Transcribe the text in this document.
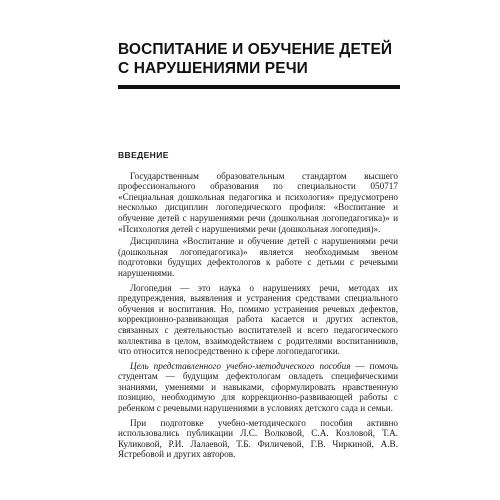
ВОСПИТАНИЕ И ОБУЧЕНИЕ ДЕТЕЙ
С НАРУШЕНИЯМИ РЕЧИ
ВВЕДЕНИЕ

Государственным образовательным стандартом высшего профессионального образования по специальности 050717 «Специальная дошкольная педагогика и психология» предусмотрено несколько дисциплин логопедического профиля: «Воспитание и обучение детей с нарушениями речи (дошкольная логопедагогика)» и «Психология детей с нарушениями речи (дошкольная логопедия)».

Дисциплина «Воспитание и обучение детей с нарушениями речи (дошкольная логопедагогика)» является необходимым звеном подготовки будущих дефектологов к работе с детьми с речевыми нарушениями.

Логопедия — это наука о нарушениях речи, методах их предупреждения, выявления и устранения средствами специального обучения и воспитания. Но, помимо устранения речевых дефектов, коррекционно-развивающая работа касается и других аспектов, связанных с деятельностью воспитателей и всего педагогического коллектива в целом, взаимодействием с родителями воспитанников, что относится непосредственно к сфере логопедагогики.

Цель представленного учебно-методического пособия — помочь студентам — будущим дефектологам овладеть специфическими знаниями, умениями и навыками, сформулировать нравственную позицию, необходимую для коррекционно-развивающей работы с ребенком с речевыми нарушениями в условиях детского сада и семьи.

При подготовке учебно-методического пособия активно использовались публикации Л.С. Волковой, С.А. Козловой, Т.А. Куликовой, Р.И. Лалаевой, Т.Б. Филичевой, Г.В. Чиркиной, А.В. Ястребовой и других авторов.
